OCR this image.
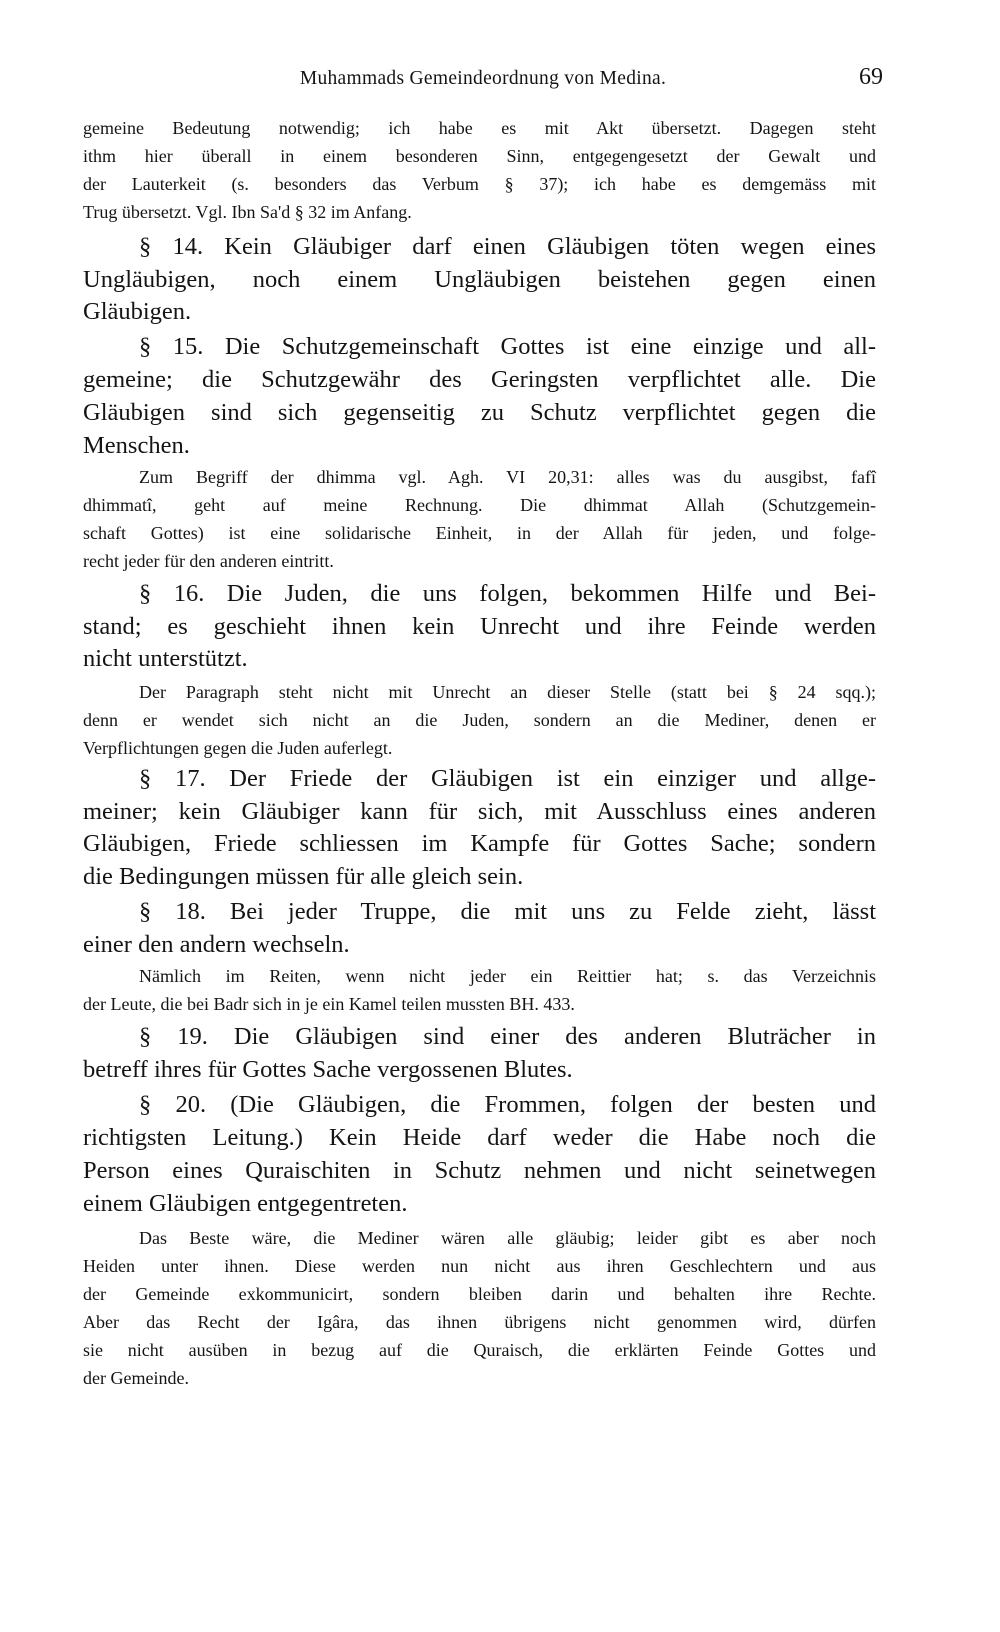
Muhammads Gemeindeordnung von Medina.	69
gemeine Bedeutung notwendig; ich habe es mit Akt übersetzt. Dagegen steht
ithm hier überall in einem besonderen Sinn, entgegengesetzt der Gewalt und
der Lauterkeit (s. besonders das Verbum § 37); ich habe es demgemäss mit
Trug übersetzt. Vgl. Ibn Sa'd § 32 im Anfang.
§ 14. Kein Gläubiger darf einen Gläubigen töten wegen eines
Ungläubigen, noch einem Ungläubigen beistehen gegen einen
Gläubigen.
§ 15. Die Schutzgemeinschaft Gottes ist eine einzige und all-
gemeine; die Schutzgewähr des Geringsten verpflichtet alle. Die
Gläubigen sind sich gegenseitig zu Schutz verpflichtet gegen die
Menschen.
Zum Begriff der dhimma vgl. Agh. VI 20,31: alles was du ausgibst, fafî
dhimmatî, geht auf meine Rechnung. Die dhimmat Allah (Schutzgemein-
schaft Gottes) ist eine solidarische Einheit, in der Allah für jeden, und folge-
recht jeder für den anderen eintritt.
§ 16. Die Juden, die uns folgen, bekommen Hilfe und Bei-
stand; es geschieht ihnen kein Unrecht und ihre Feinde werden
nicht unterstützt.
Der Paragraph steht nicht mit Unrecht an dieser Stelle (statt bei § 24 sqq.);
denn er wendet sich nicht an die Juden, sondern an die Mediner, denen er
Verpflichtungen gegen die Juden auferlegt.
§ 17. Der Friede der Gläubigen ist ein einziger und allge-
meiner; kein Gläubiger kann für sich, mit Ausschluss eines anderen
Gläubigen, Friede schliessen im Kampfe für Gottes Sache; sondern
die Bedingungen müssen für alle gleich sein.
§ 18. Bei jeder Truppe, die mit uns zu Felde zieht, lässt
einer den andern wechseln.
Nämlich im Reiten, wenn nicht jeder ein Reittier hat; s. das Verzeichnis
der Leute, die bei Badr sich in je ein Kamel teilen mussten BH. 433.
§ 19. Die Gläubigen sind einer des anderen Bluträcher in
betreff ihres für Gottes Sache vergossenen Blutes.
§ 20. (Die Gläubigen, die Frommen, folgen der besten und
richtigsten Leitung.) Kein Heide darf weder die Habe noch die
Person eines Quraischiten in Schutz nehmen und nicht seinetwegen
einem Gläubigen entgegentreten.
Das Beste wäre, die Mediner wären alle gläubig; leider gibt es aber noch
Heiden unter ihnen. Diese werden nun nicht aus ihren Geschlechtern und aus
der Gemeinde exkommunicirt, sondern bleiben darin und behalten ihre Rechte.
Aber das Recht der Igâra, das ihnen übrigens nicht genommen wird, dürfen
sie nicht ausüben in bezug auf die Quraisch, die erklärten Feinde Gottes und
der Gemeinde.
